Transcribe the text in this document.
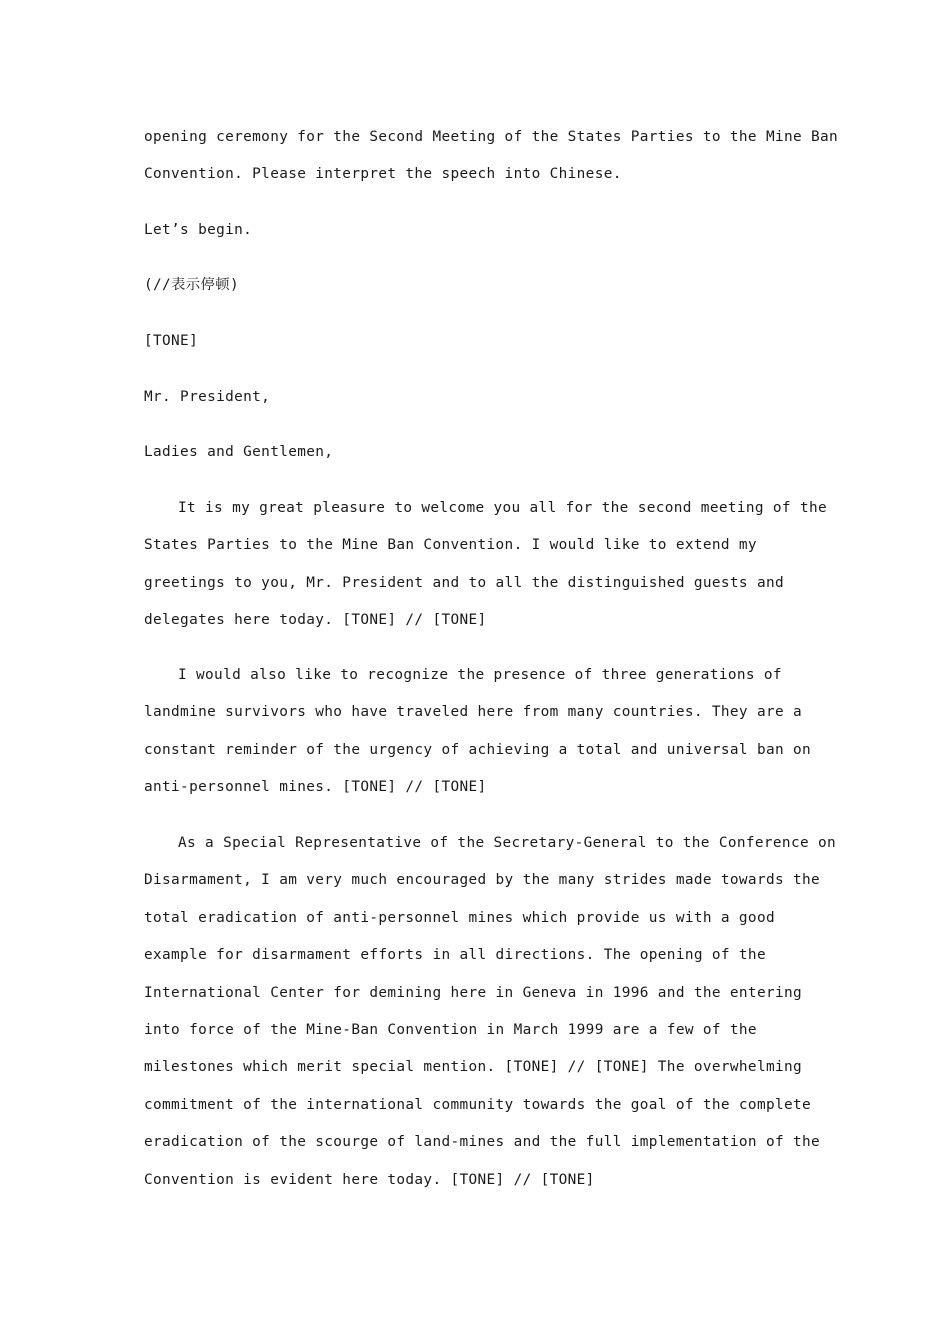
opening ceremony for the Second Meeting of the States Parties to the Mine Ban
Convention. Please interpret the speech into Chinese.
Let’s begin.
(//表示停顿)
[TONE]
Mr. President,
Ladies and Gentlemen,
It is my great pleasure to welcome you all for the second meeting of the
States Parties to the Mine Ban Convention. I would like to extend my
greetings to you, Mr. President and to all the distinguished guests and
delegates here today. [TONE] // [TONE]
I would also like to recognize the presence of three generations of
landmine survivors who have traveled here from many countries. They are a
constant reminder of the urgency of achieving a total and universal ban on
anti-personnel mines. [TONE] // [TONE]
As a Special Representative of the Secretary-General to the Conference on
Disarmament, I am very much encouraged by the many strides made towards the
total eradication of anti-personnel mines which provide us with a good
example for disarmament efforts in all directions. The opening of the
International Center for demining here in Geneva in 1996 and the entering
into force of the Mine-Ban Convention in March 1999 are a few of the
milestones which merit special mention. [TONE] // [TONE] The overwhelming
commitment of the international community towards the goal of the complete
eradication of the scourge of land-mines and the full implementation of the
Convention is evident here today. [TONE] // [TONE]
